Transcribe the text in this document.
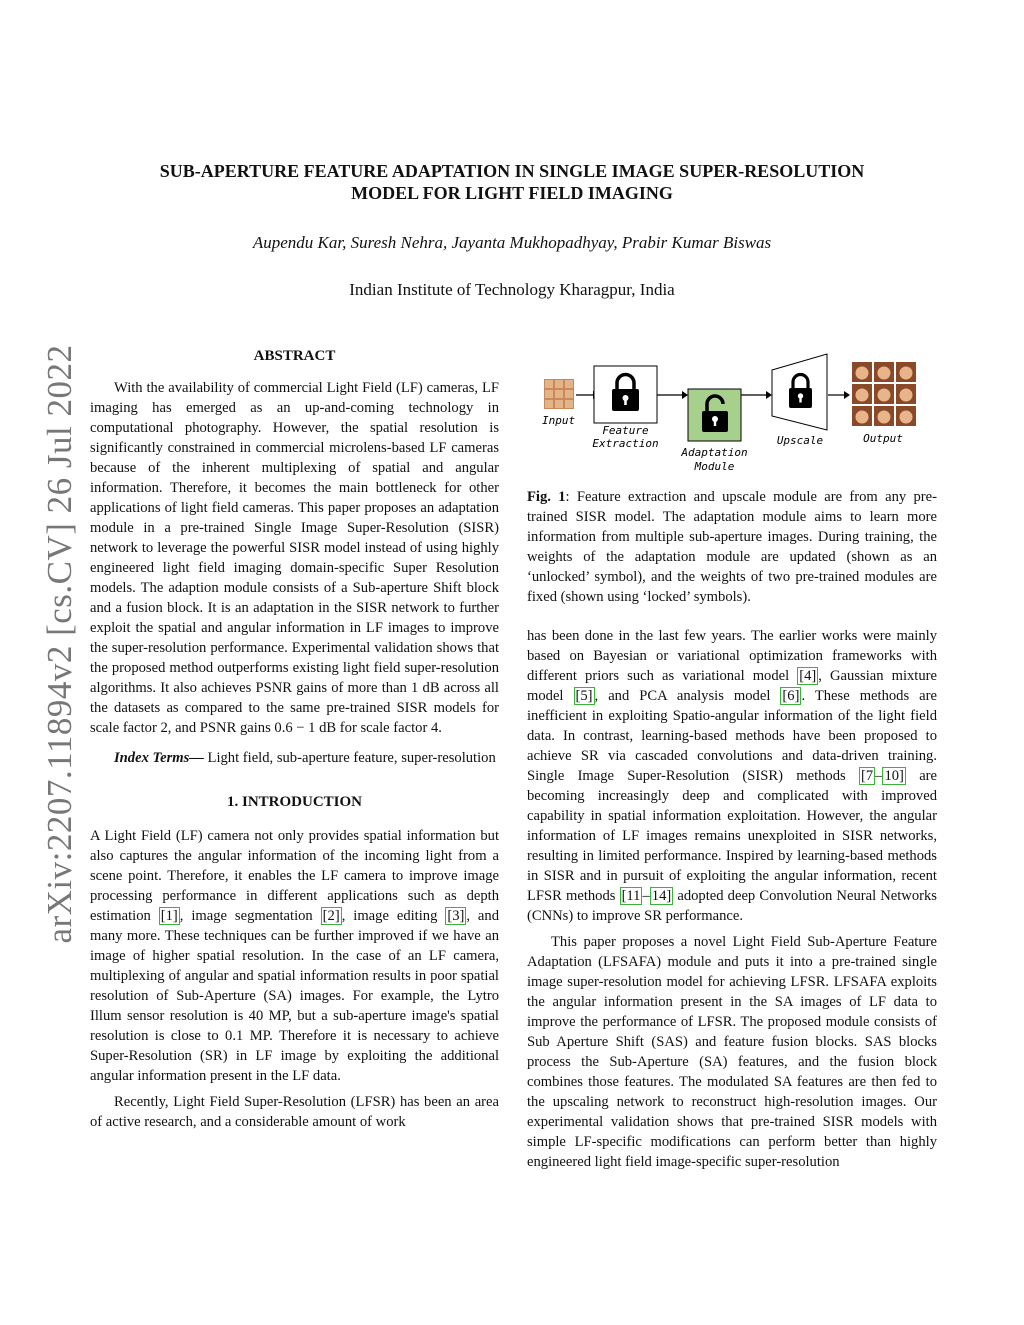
SUB-APERTURE FEATURE ADAPTATION IN SINGLE IMAGE SUPER-RESOLUTION
MODEL FOR LIGHT FIELD IMAGING
Aupendu Kar, Suresh Nehra, Jayanta Mukhopadhyay, Prabir Kumar Biswas
Indian Institute of Technology Kharagpur, India
arXiv:2207.11894v2 [cs.CV] 26 Jul 2022	ABSTRACT

With the availability of commercial Light Field (LF) cameras, LF imaging has emerged as an up-and-coming technology in computational photography. However, the spatial resolution is significantly constrained in commercial microlens-based LF cameras because of the inherent multiplexing of spatial and angular information. Therefore, it becomes the main bottleneck for other applications of light field cameras. This paper proposes an adaptation module in a pre-trained Single Image Super-Resolution (SISR) network to leverage the powerful SISR model instead of using highly engineered light field imaging domain-specific Super Resolution models. The adaption module consists of a Sub-aperture Shift block and a fusion block. It is an adaptation in the SISR network to further exploit the spatial and angular information in LF images to improve the super-resolution performance. Experimental validation shows that the proposed method outperforms existing light field super-resolution algorithms. It also achieves PSNR gains of more than 1 dB across all the datasets as compared to the same pre-trained SISR models for scale factor 2, and PSNR gains 0.6 − 1 dB for scale factor 4.

Index Terms— Light field, sub-aperture feature, super-resolution

1. INTRODUCTION

A Light Field (LF) camera not only provides spatial information but also captures the angular information of the incoming light from a scene point. Therefore, it enables the LF camera to improve image processing performance in different applications such as depth estimation [1] , image segmentation [2] , image editing [3] , and many more. These techniques can be further improved if we have an image of higher spatial resolution. In the case of an LF camera, multiplexing of angular and spatial information results in poor spatial resolution of Sub-Aperture (SA) images. For example, the Lytro Illum sensor resolution is 40 MP, but a sub-aperture image's spatial resolution is close to 0.1 MP. Therefore it is necessary to achieve Super-Resolution (SR) in LF image by exploiting the additional angular information present in the LF data.

Recently, Light Field Super-Resolution (LFSR) has been an area of active research, and a considerable amount of work

Input
Feature
Extraction
Adaptation
Module
Upscale	Output
Fig. 1: Feature extraction and upscale module are from any pre-trained SISR model. The adaptation module aims to learn more information from multiple sub-aperture images. During training, the weights of the adaptation module are updated (shown as an ‘unlocked’ symbol), and the weights of two pre-trained modules are fixed (shown using ‘locked’ symbols).

has been done in the last few years. The earlier works were mainly based on Bayesian or variational optimization frameworks with different priors such as variational model [4] , Gaussian mixture model [5] , and PCA analysis model [6] . These methods are inefficient in exploiting Spatio-angular information of the light field data. In contrast, learning-based methods have been proposed to achieve SR via cascaded convolutions and data-driven training. Single Image Super-Resolution (SISR) methods [7 – 10] are becoming increasingly deep and complicated with improved capability in spatial information exploitation. However, the angular information of LF images remains unexploited in SISR networks, resulting in limited performance. Inspired by learning-based methods in SISR and in pursuit of exploiting the angular information, recent LFSR methods [11 – 14] adopted deep Convolution Neural Networks (CNNs) to improve SR performance.

This paper proposes a novel Light Field Sub-Aperture Feature Adaptation (LFSAFA) module and puts it into a pre-trained single image super-resolution model for achieving LFSR. LFSAFA exploits the angular information present in the SA images of LF data to improve the performance of LFSR. The proposed module consists of Sub Aperture Shift (SAS) and feature fusion blocks. SAS blocks process the Sub-Aperture (SA) features, and the fusion block combines those features. The modulated SA features are then fed to the upscaling network to reconstruct high-resolution images. Our experimental validation shows that pre-trained SISR models with simple LF-specific modifications can perform better than highly engineered light field image-specific super-resolution
